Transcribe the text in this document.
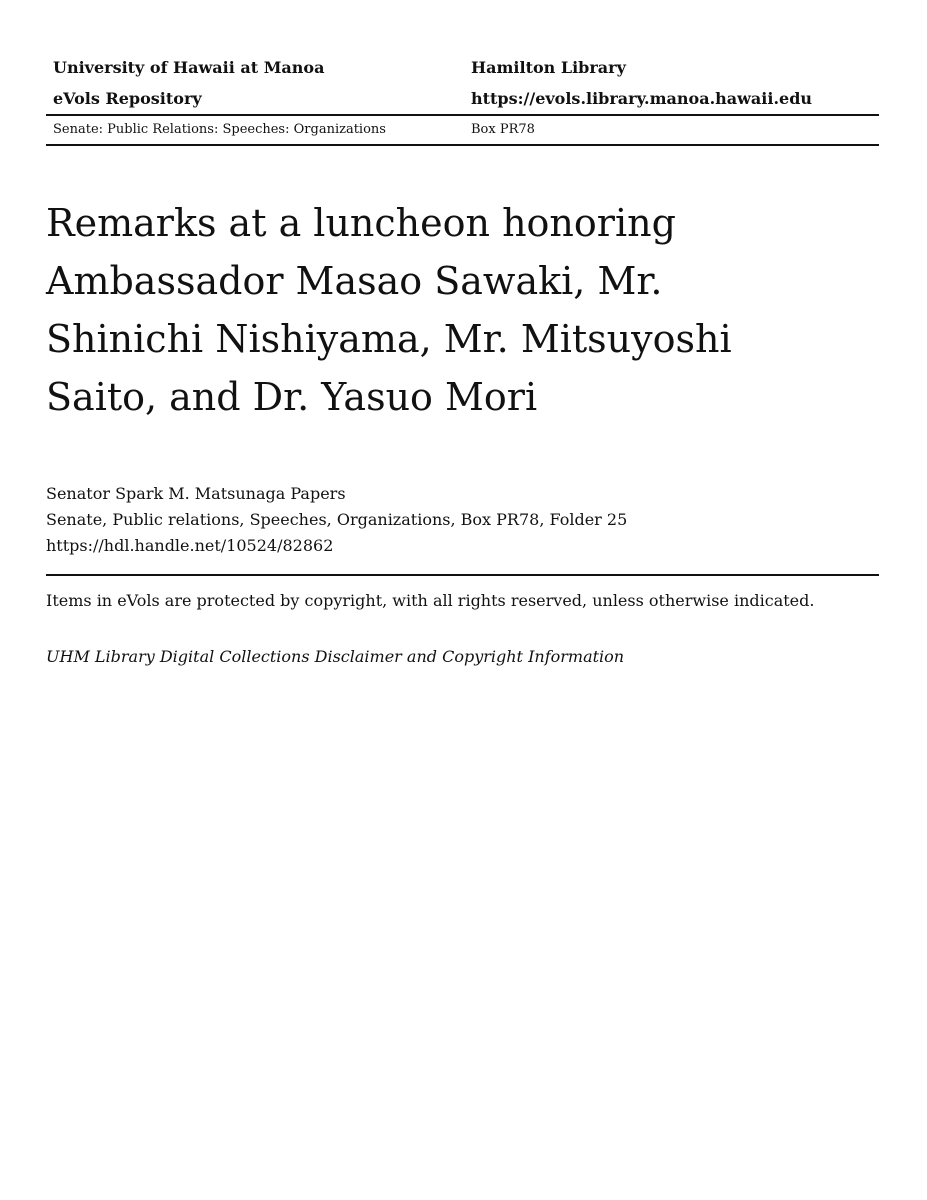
University of Hawaii at Manoa
eVols Repository
Hamilton Library
https://evols.library.manoa.hawaii.edu
Senate: Public Relations: Speeches: Organizations	Box PR78
Remarks at a luncheon honoring Ambassador Masao Sawaki, Mr. Shinichi Nishiyama, Mr. Mitsuyoshi Saito, and Dr. Yasuo Mori
Senator Spark M. Matsunaga Papers
Senate, Public relations, Speeches, Organizations, Box PR78, Folder 25
https://hdl.handle.net/10524/82862
Items in eVols are protected by copyright, with all rights reserved, unless otherwise indicated.
UHM Library Digital Collections Disclaimer and Copyright Information
